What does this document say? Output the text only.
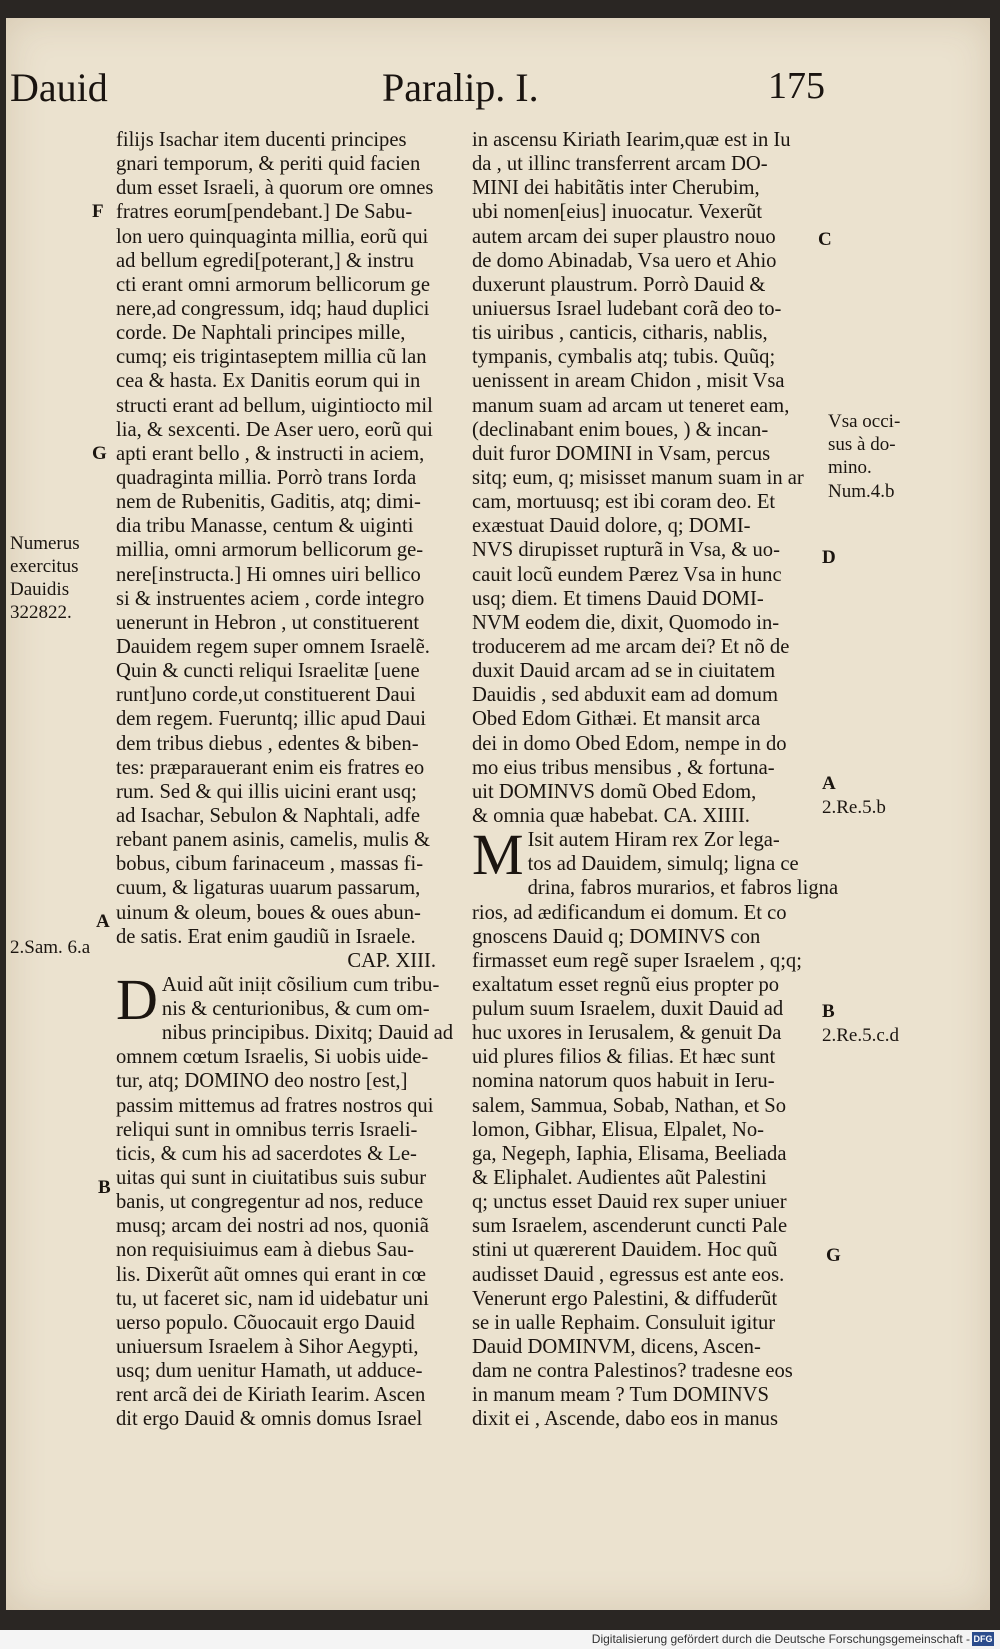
Dauid	Paralip. I.	175
filijs Isachar item ducenti principes
gnari temporum, & periti quid facien
dum esset Israeli, à quorum ore omnes
fratres eorum[pendebant.] De Sabu-
lon uero quinquaginta millia, eorũ qui
ad bellum egredi[poterant,] & instru
cti erant omni armorum bellicorum ge
nere,ad congressum, idq; haud duplici
corde. De Naphtali principes mille,
cumq; eis trigintaseptem millia cũ lan
cea & hasta. Ex Danitis eorum qui in
structi erant ad bellum, uigintiocto mil
lia, & sexcenti. De Aser uero, eorũ qui
apti erant bello , & instructi in aciem,
quadraginta millia. Porrò trans Iorda
nem de Rubenitis, Gaditis, atq; dimi-
dia tribu Manasse, centum & uiginti
millia, omni armorum bellicorum ge-
nere[instructa.] Hi omnes uiri bellico
si & instruentes aciem , corde integro
uenerunt in Hebron , ut constituerent
Dauidem regem super omnem Israelẽ.
Quin & cuncti reliqui Israelitæ [uene
runt]uno corde,ut constituerent Daui
dem regem. Fueruntq; illic apud Daui
dem tribus diebus , edentes & biben-
tes: præparauerant enim eis fratres eo
rum. Sed & qui illis uicini erant usq;
ad Isachar, Sebulon & Naphtali, adfe
rebant panem asinis, camelis, mulis &
bobus, cibum farinaceum , massas fi-
cuum, & ligaturas uuarum passarum,
uinum & oleum, boues & oues abun-
de satis. Erat enim gaudiũ in Israele.
CAP. XIII.
D Auid aũt iniịt cõsilium cum tribu-
nis & centurionibus, & cum om-
nibus principibus. Dixitq; Dauid ad
omnem cœtum Israelis, Si uobis uide-
tur, atq; DOMINO deo nostro [est,]
passim mittemus ad fratres nostros qui
reliqui sunt in omnibus terris Israeli-
ticis, & cum his ad sacerdotes & Le-
uitas qui sunt in ciuitatibus suis subur
banis, ut congregentur ad nos, reduce
musq; arcam dei nostri ad nos, quoniã
non requisiuimus eam à diebus Sau-
lis. Dixerũt aũt omnes qui erant in cœ
tu, ut faceret sic, nam id uidebatur uni
uerso populo. Cõuocauit ergo Dauid
uniuersum Israelem à Sihor Aegypti,
usq; dum uenitur Hamath, ut adduce-
rent arcã dei de Kiriath Iearim. Ascen
dit ergo Dauid & omnis domus Israel
in ascensu Kiriath Iearim,quæ est in Iu
da , ut illinc transferrent arcam DO-
MINI dei habitãtis inter Cherubim,
ubi nomen[eius] inuocatur. Vexerũt
autem arcam dei super plaustro nouo
de domo Abinadab, Vsa uero et Ahio
duxerunt plaustrum. Porrò Dauid &
uniuersus Israel ludebant corã deo to-
tis uiribus , canticis, citharis, nablis,
tympanis, cymbalis atq; tubis. Quũq;
uenissent in aream Chidon , misit Vsa
manum suam ad arcam ut teneret eam,
(declinabant enim boues, ) & incan-
duit furor DOMINI in Vsam, percus
sitq; eum, q; misisset manum suam in ar
cam, mortuusq; est ibi coram deo. Et
exæstuat Dauid dolore, q; DOMI-
NVS dirupisset rupturã in Vsa, & uo-
cauit locũ eundem Pærez Vsa in hunc
usq; diem. Et timens Dauid DOMI-
NVM eodem die, dixit, Quomodo in-
troducerem ad me arcam dei? Et nõ de
duxit Dauid arcam ad se in ciuitatem
Dauidis , sed abduxit eam ad domum
Obed Edom Githæi. Et mansit arca
dei in domo Obed Edom, nempe in do
mo eius tribus mensibus , & fortuna-
uit DOMINVS domũ Obed Edom,
& omnia quæ habebat. CA. XIIII.
M Isit autem Hiram rex Zor lega-
tos ad Dauidem, simulq; ligna ce
drina, fabros murarios, et fabros ligna
rios, ad ædificandum ei domum. Et co
gnoscens Dauid q; DOMINVS con
firmasset eum regẽ super Israelem , q;q;
exaltatum esset regnũ eius propter po
pulum suum Israelem, duxit Dauid ad
huc uxores in Ierusalem, & genuit Da
uid plures filios & filias. Et hæc sunt
nomina natorum quos habuit in Ieru-
salem, Sammua, Sobab, Nathan, et So
lomon, Gibhar, Elisua, Elpalet, No-
ga, Negeph, Iaphia, Elisama, Beeliada
& Eliphalet. Audientes aũt Palestini
q; unctus esset Dauid rex super uniuer
sum Israelem, ascenderunt cuncti Pale
stini ut quærerent Dauidem. Hoc quũ
audisset Dauid , egressus est ante eos.
Venerunt ergo Palestini, & diffuderũt
se in ualle Rephaim. Consuluit igitur
Dauid DOMINVM, dicens, Ascen-
dam ne contra Palestinos? tradesne eos
in manum meam ? Tum DOMINVS
dixit ei , Ascende, dabo eos in manus
F
G
Numerus
exercitus
Dauidis
322822.
A
2.Sam. 6.a
B
C
Vsa occi-
sus à do-
mino.
Num.4.b
D
A
2.Re.5.b
B
2.Re.5.c.d
G
Digitalisierung gefördert durch die Deutsche Forschungsgemeinschaft - DFG
